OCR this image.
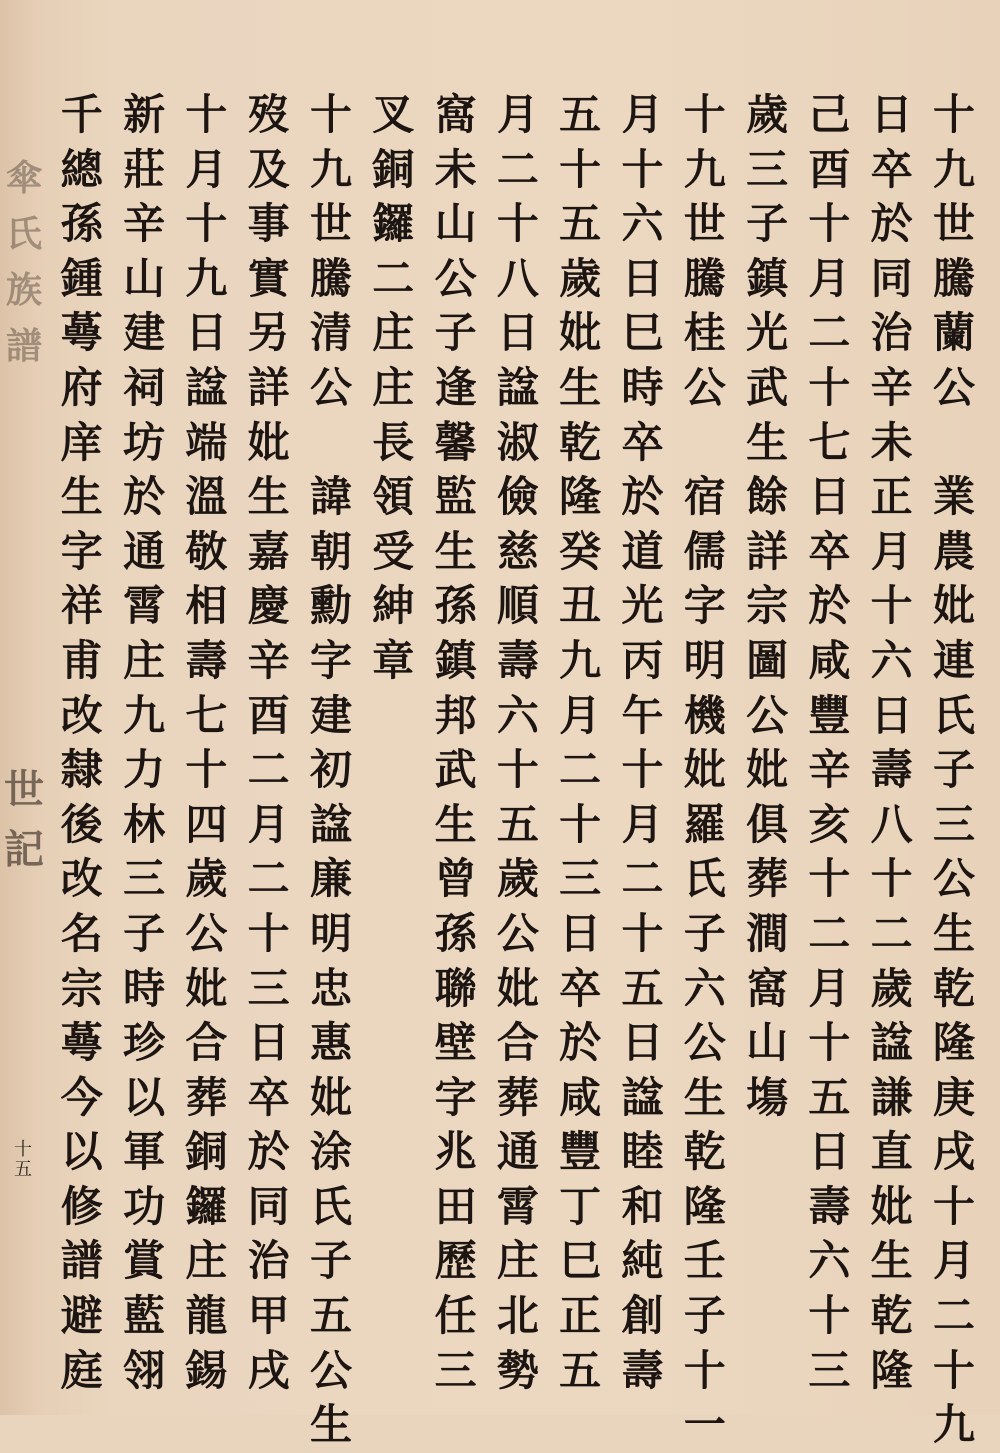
十
九
世
騰
蘭
公
業
農
妣
連
氏
子
三
公
生
乾
隆
庚
戌
十
月
二
十
九
日
卒
於
同
治
辛
未
正
月
十
六
日
壽
八
十
二
歲
諡
謙
直
妣
生
乾
隆
己
酉
十
月
二
十
七
日
卒
於
咸
豐
辛
亥
十
二
月
十
五
日
壽
六
十
三
歲
三
子
鎮
光
武
生
餘
詳
宗
圖
公
妣
俱
葬
澗
窩
山
塲
十
九
世
騰
桂
公
宿
儒
字
明
機
妣
羅
氏
子
六
公
生
乾
隆
壬
子
十
一
月
十
六
日
巳
時
卒
於
道
光
丙
午
十
月
二
十
五
日
諡
睦
和
純
創
壽
五
十
五
歲
妣
生
乾
隆
癸
丑
九
月
二
十
三
日
卒
於
咸
豐
丁
巳
正
五
月
二
十
八
日
諡
淑
儉
慈
順
壽
六
十
五
歲
公
妣
合
葬
通
霄
庄
北
勢
窩
未
山
公
子
逢
馨
監
生
孫
鎮
邦
武
生
曾
孫
聯
壁
字
兆
田
歷
任
三
叉
銅
鑼
二
庄
庄
長
領
受
紳
章
十
九
世
騰
清
公
諱
朝
勳
字
建
初
諡
廉
明
忠
惠
妣
涂
氏
子
五
公
生
歿
及
事
實
另
詳
妣
生
嘉
慶
辛
酉
二
月
二
十
三
日
卒
於
同
治
甲
戌
十
月
十
九
日
諡
端
溫
敬
相
壽
七
十
四
歲
公
妣
合
葬
銅
鑼
庄
龍
錫
新
莊
辛
山
建
祠
坊
於
通
霄
庄
九
力
林
三
子
時
珍
以
軍
功
賞
藍
翎
千
總
孫
鍾
蕚
府
庠
生
字
祥
甫
改
隸
後
改
名
宗
蕚
今
以
修
譜
避
庭
傘
氏
族
譜
世
記
十
五
